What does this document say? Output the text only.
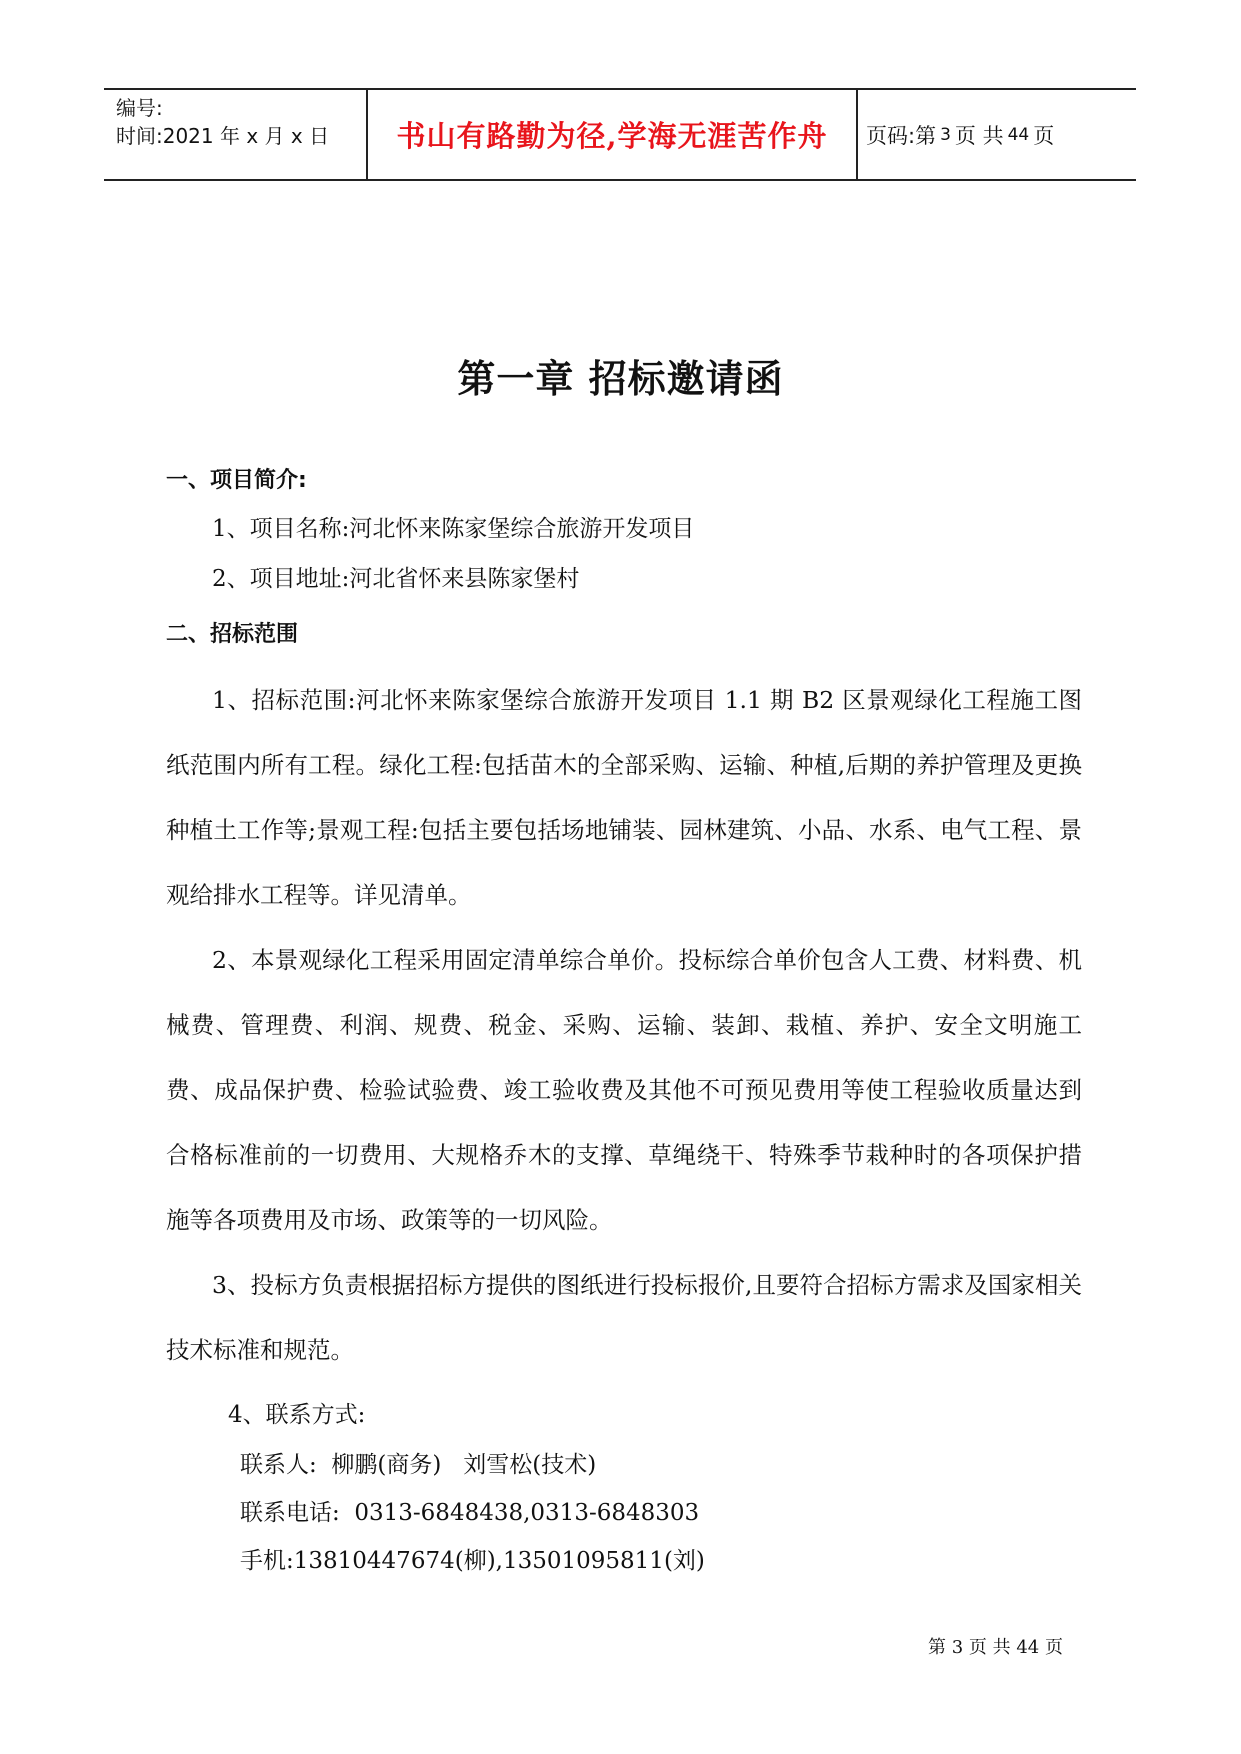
编号:
时间:2021 年 x 月 x 日	书山有路勤为径,学海无涯苦作舟	页码:第 3 页 共 44 页
第一章 招标邀请函
一、项目简介:
1、项目名称:河北怀来陈家堡综合旅游开发项目
2、项目地址:河北省怀来县陈家堡村
二、招标范围
1、招标范围:河北怀来陈家堡综合旅游开发项目 1.1 期 B2 区景观绿化工程施工图纸范围内所有工程。绿化工程:包括苗木的全部采购、运输、种植,后期的养护管理及更换种植土工作等;景观工程:包括主要包括场地铺装、园林建筑、小品、水系、电气工程、景观给排水工程等。详见清单。
2、本景观绿化工程采用固定清单综合单价。投标综合单价包含人工费、材料费、机械费、管理费、利润、规费、税金、采购、运输、装卸、栽植、养护、安全文明施工费、成品保护费、检验试验费、竣工验收费及其他不可预见费用等使工程验收质量达到合格标准前的一切费用、大规格乔木的支撑、草绳绕干、特殊季节栽种时的各项保护措施等各项费用及市场、政策等的一切风险。
3、投标方负责根据招标方提供的图纸进行投标报价,且要符合招标方需求及国家相关技术标准和规范。
4、联系方式:
联系人:  柳鹏(商务)   刘雪松(技术)
联系电话:  0313-6848438,0313-6848303
手机:13810447674(柳),13501095811(刘)
第 3 页 共 44 页
